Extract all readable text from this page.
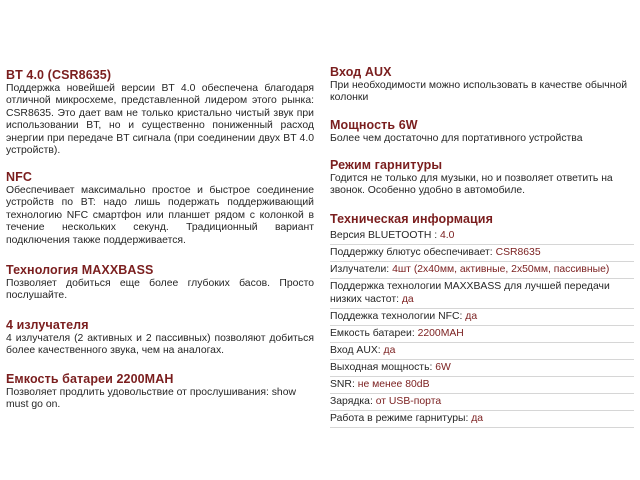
BT 4.0 (CSR8635)

Поддержка новейшей версии BT 4.0 обеспечена благодаря отличной микросхеме, представленной лидером этого рынка: CSR8635. Это дает вам не только кристально чистый звук при использовании BT, но и существенно пониженный расход энергии при передаче BT сигнала (при соединении двух BT 4.0 устройств).

NFC

Обеспечивает максимально простое и быстрое соединение устройств по BT: надо лишь подержать поддерживающий технологию NFC смартфон или планшет рядом с колонкой в течение нескольких секунд. Традиционный вариант подключения также поддерживается.

Технология MAXXBASS

Позволяет добиться еще более глубоких басов. Просто послушайте.

4 излучателя

4 излучателя (2 активных и 2 пассивных) позволяют добиться более качественного звука, чем на аналогах.

Емкость батареи 2200MAH

Позволяет продлить удовольствие от прослушивания: show must go on.

Вход AUX

При необходимости можно использовать в качестве обычной колонки

Мощность 6W

Более чем достаточно для портативного устройства

Режим гарнитуры

Годится не только для музыки, но и позволяет ответить на звонок. Особенно удобно в автомобиле.

Техническая информация
Версия BLUETOOTH : 4.0
Поддержку блютус обеспечивает: CSR8635
Излучатели: 4шт (2x40мм, активные, 2x50мм, пассивные)
Поддержка технологии MAXXBASS для лучшей передачи низких частот: да
Поддежка технологии NFC: да
Емкость батареи: 2200MAH
Вход AUX: да
Выходная мощность: 6W
SNR: не менее 80dB
Зарядка: от USB-порта
Работа в режиме гарнитуры: да
